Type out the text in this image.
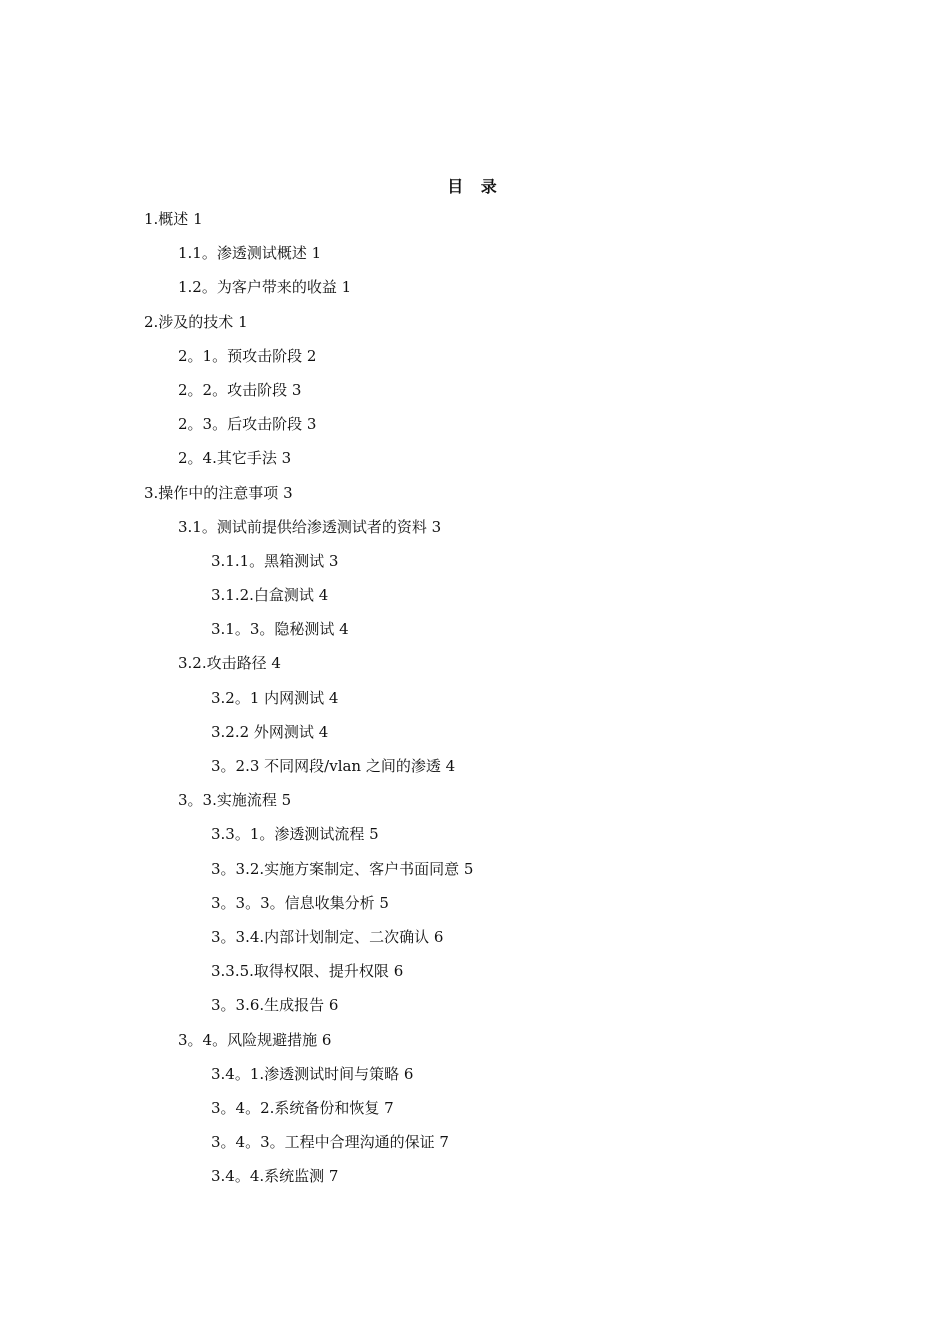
目 录
1.概述 1
1.1。渗透测试概述 1
1.2。为客户带来的收益 1
2.涉及的技术 1
2。1。预攻击阶段 2
2。2。攻击阶段 3
2。3。后攻击阶段 3
2。4.其它手法 3
3.操作中的注意事项 3
3.1。测试前提供给渗透测试者的资料 3
3.1.1。黑箱测试 3
3.1.2.白盒测试 4
3.1。3。隐秘测试 4
3.2.攻击路径 4
3.2。1 内网测试 4
3.2.2 外网测试 4
3。2.3 不同网段/vlan 之间的渗透 4
3。3.实施流程 5
3.3。1。渗透测试流程 5
3。3.2.实施方案制定、客户书面同意 5
3。3。3。信息收集分析 5
3。3.4.内部计划制定、二次确认 6
3.3.5.取得权限、提升权限 6
3。3.6.生成报告 6
3。4。风险规避措施 6
3.4。1.渗透测试时间与策略 6
3。4。2.系统备份和恢复 7
3。4。3。工程中合理沟通的保证 7
3.4。4.系统监测 7
